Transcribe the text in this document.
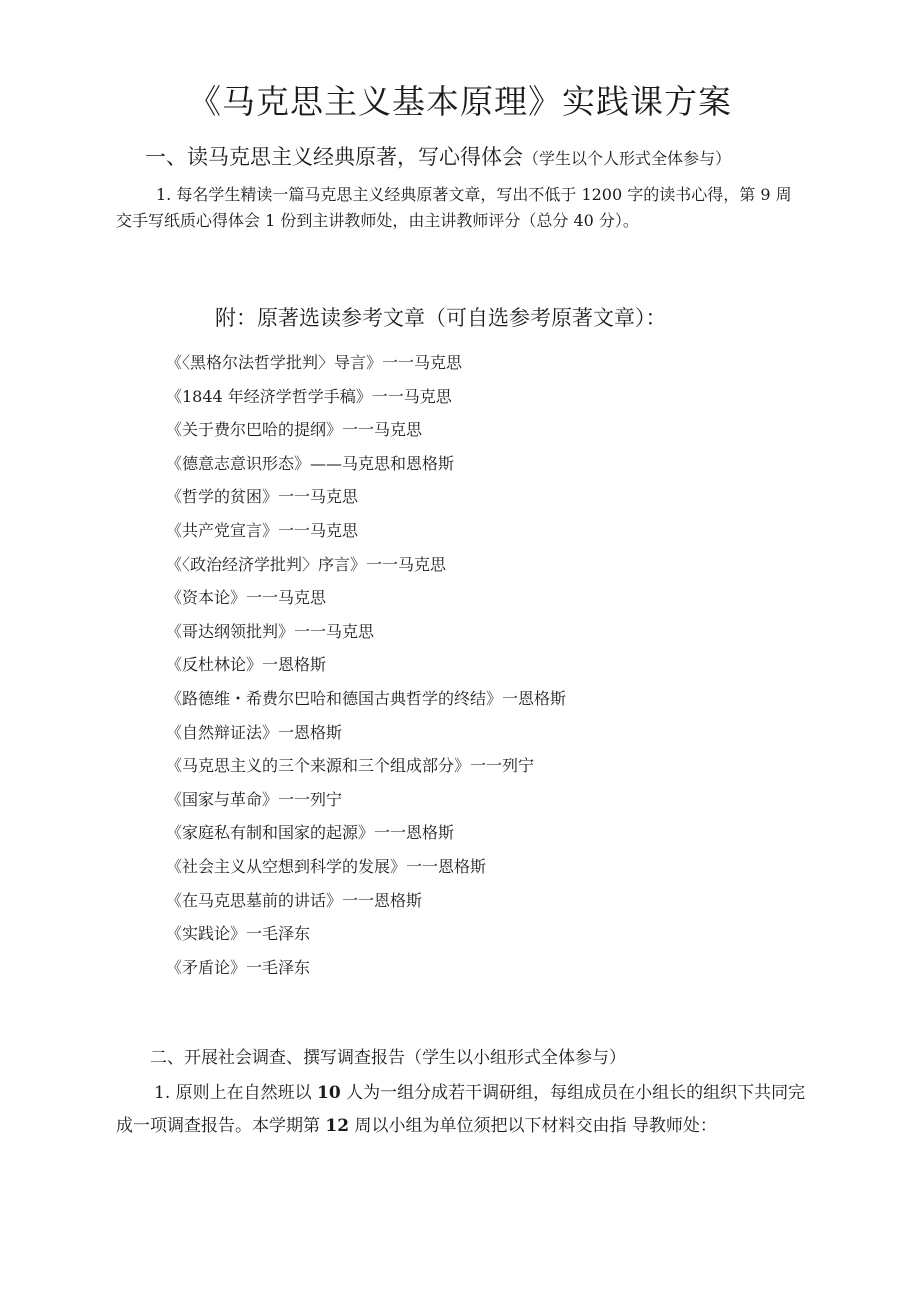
《马克思主义基本原理》实践课方案
一、读马克思主义经典原著，写心得体会（学生以个人形式全体参与）

1. 每名学生精读一篇马克思主义经典原著文章，写出不低于 1200 字的读书心得，第 9 周交手写纸质心得体会 1 份到主讲教师处，由主讲教师评分（总分 40 分）。

附：原著选读参考文章（可自选参考原著文章）：
《〈黑格尔法哲学批判〉导言》一一马克思
《1844 年经济学哲学手稿》一一马克思
《关于费尔巴哈的提纲》一一马克思
《德意志意识形态》——马克思和恩格斯
《哲学的贫困》一一马克思
《共产党宣言》一一马克思
《〈政治经济学批判〉序言》一一马克思
《资本论》一一马克思
《哥达纲领批判》一一马克思
《反杜林论》一恩格斯
《路德维・希费尔巴哈和德国古典哲学的终结》一恩格斯
《自然辩证法》一恩格斯
《马克思主义的三个来源和三个组成部分》一一列宁
《国家与革命》一一列宁
《家庭私有制和国家的起源》一一恩格斯
《社会主义从空想到科学的发展》一一恩格斯
《在马克思墓前的讲话》一一恩格斯
《实践论》一毛泽东
《矛盾论》一毛泽东
二、开展社会调查、撰写调查报告（学生以小组形式全体参与）

1. 原则上在自然班以 10 人为一组分成若干调研组，每组成员在小组长的组织下共同完成一项调查报告。本学期第 12 周以小组为单位须把以下材料交由指 导教师处：
